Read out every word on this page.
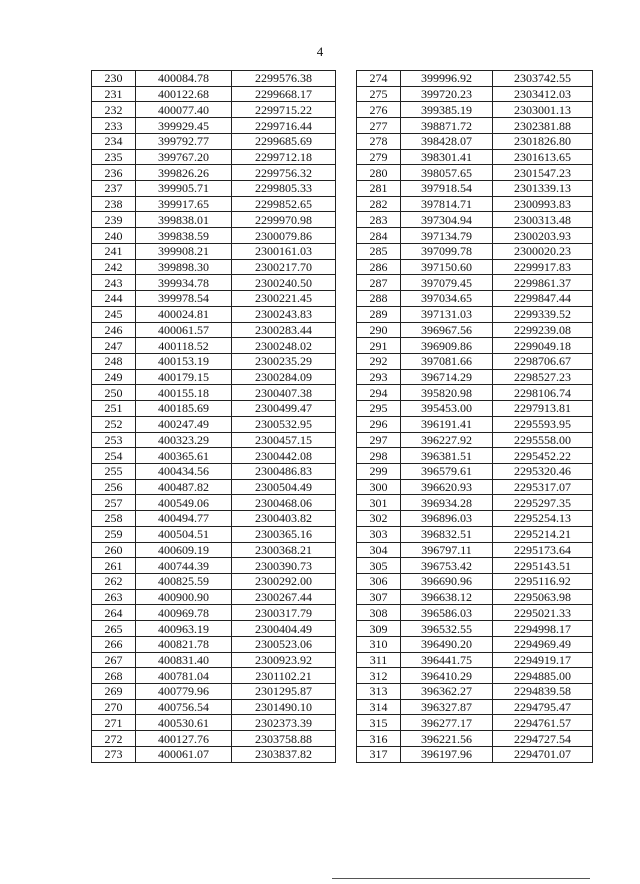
4
230	400084.78	2299576.38
231	400122.68	2299668.17
232	400077.40	2299715.22
233	399929.45	2299716.44
234	399792.77	2299685.69
235	399767.20	2299712.18
236	399826.26	2299756.32
237	399905.71	2299805.33
238	399917.65	2299852.65
239	399838.01	2299970.98
240	399838.59	2300079.86
241	399908.21	2300161.03
242	399898.30	2300217.70
243	399934.78	2300240.50
244	399978.54	2300221.45
245	400024.81	2300243.83
246	400061.57	2300283.44
247	400118.52	2300248.02
248	400153.19	2300235.29
249	400179.15	2300284.09
250	400155.18	2300407.38
251	400185.69	2300499.47
252	400247.49	2300532.95
253	400323.29	2300457.15
254	400365.61	2300442.08
255	400434.56	2300486.83
256	400487.82	2300504.49
257	400549.06	2300468.06
258	400494.77	2300403.82
259	400504.51	2300365.16
260	400609.19	2300368.21
261	400744.39	2300390.73
262	400825.59	2300292.00
263	400900.90	2300267.44
264	400969.78	2300317.79
265	400963.19	2300404.49
266	400821.78	2300523.06
267	400831.40	2300923.92
268	400781.04	2301102.21
269	400779.96	2301295.87
270	400756.54	2301490.10
271	400530.61	2302373.39
272	400127.76	2303758.88
273	400061.07	2303837.82
274	399996.92	2303742.55
275	399720.23	2303412.03
276	399385.19	2303001.13
277	398871.72	2302381.88
278	398428.07	2301826.80
279	398301.41	2301613.65
280	398057.65	2301547.23
281	397918.54	2301339.13
282	397814.71	2300993.83
283	397304.94	2300313.48
284	397134.79	2300203.93
285	397099.78	2300020.23
286	397150.60	2299917.83
287	397079.45	2299861.37
288	397034.65	2299847.44
289	397131.03	2299339.52
290	396967.56	2299239.08
291	396909.86	2299049.18
292	397081.66	2298706.67
293	396714.29	2298527.23
294	395820.98	2298106.74
295	395453.00	2297913.81
296	396191.41	2295593.95
297	396227.92	2295558.00
298	396381.51	2295452.22
299	396579.61	2295320.46
300	396620.93	2295317.07
301	396934.28	2295297.35
302	396896.03	2295254.13
303	396832.51	2295214.21
304	396797.11	2295173.64
305	396753.42	2295143.51
306	396690.96	2295116.92
307	396638.12	2295063.98
308	396586.03	2295021.33
309	396532.55	2294998.17
310	396490.20	2294969.49
311	396441.75	2294919.17
312	396410.29	2294885.00
313	396362.27	2294839.58
314	396327.87	2294795.47
315	396277.17	2294761.57
316	396221.56	2294727.54
317	396197.96	2294701.07
